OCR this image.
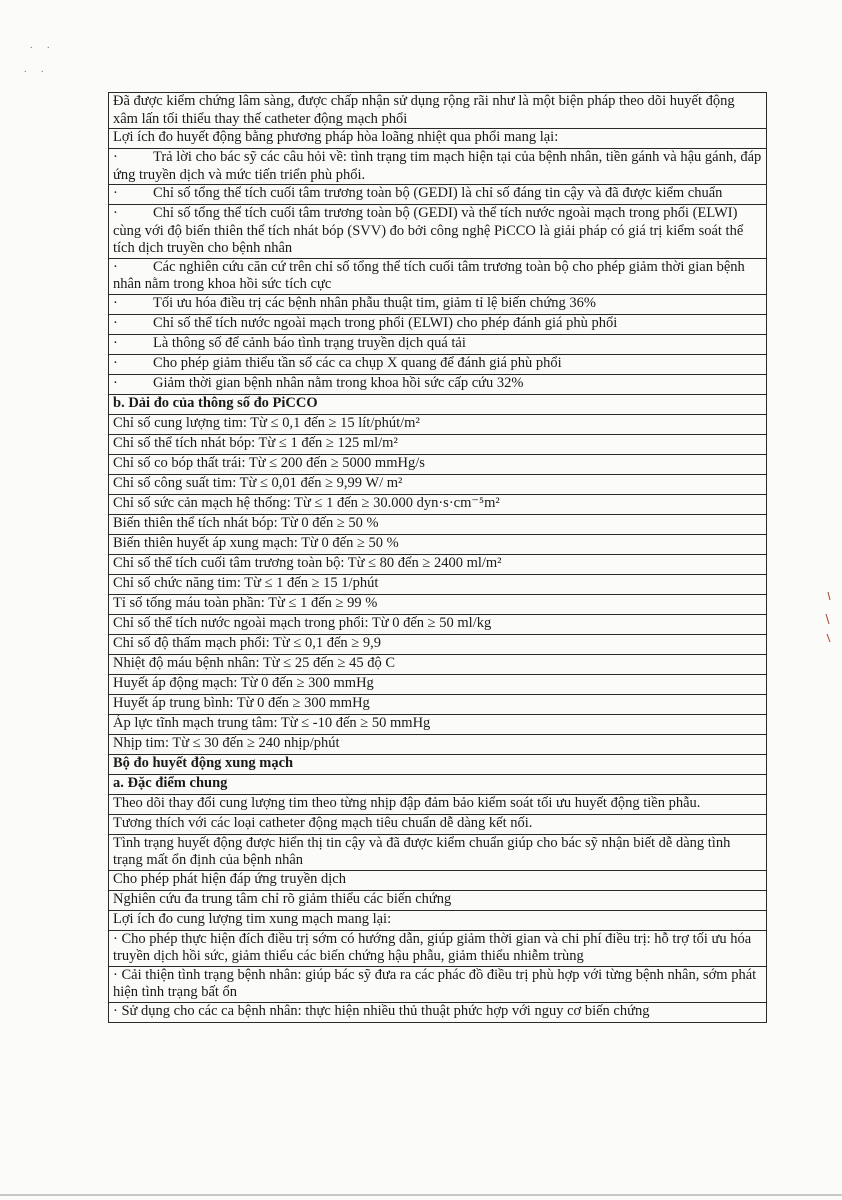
. .
. .
Đã được kiểm chứng lâm sàng, được chấp nhận sử dụng rộng rãi như là một biện pháp theo dõi huyết động xâm lấn tối thiểu thay thế catheter động mạch phổi
Lợi ích đo huyết động bằng phương pháp hòa loãng nhiệt qua phổi mang lại:
· Trả lời cho bác sỹ các câu hỏi về: tình trạng tim mạch hiện tại của bệnh nhân, tiền gánh và hậu gánh, đáp ứng truyền dịch và mức tiến triển phù phổi.
· Chỉ số tổng thể tích cuối tâm trương toàn bộ (GEDI) là chỉ số đáng tin cậy và đã được kiểm chuẩn
· Chỉ số tổng thể tích cuối tâm trương toàn bộ (GEDI) và thể tích nước ngoài mạch trong phổi (ELWI) cùng với độ biến thiên thể tích nhát bóp (SVV) đo bởi công nghệ PiCCO là giải pháp có giá trị kiểm soát thể tích dịch truyền cho bệnh nhân
· Các nghiên cứu căn cứ trên chỉ số tổng thể tích cuối tâm trương toàn bộ cho phép giảm thời gian bệnh nhân nằm trong khoa hồi sức tích cực
· Tối ưu hóa điều trị các bệnh nhân phẫu thuật tim, giảm tỉ lệ biến chứng 36%
· Chỉ số thể tích nước ngoài mạch trong phổi (ELWI) cho phép đánh giá phù phổi
· Là thông số để cảnh báo tình trạng truyền dịch quá tải
· Cho phép giảm thiểu tần số các ca chụp X quang để đánh giá phù phổi
· Giảm thời gian bệnh nhân nằm trong khoa hồi sức cấp cứu 32%
b. Dải đo của thông số đo PiCCO
Chỉ số cung lượng tim: Từ ≤ 0,1 đến ≥ 15 lít/phút/m²
Chỉ số thể tích nhát bóp: Từ ≤ 1 đến ≥ 125 ml/m²
Chỉ số co bóp thất trái: Từ ≤ 200 đến ≥ 5000 mmHg/s
Chỉ số công suất tim: Từ ≤ 0,01 đến ≥ 9,99 W/ m²
Chỉ số sức cản mạch hệ thống: Từ ≤ 1 đến ≥ 30.000 dyn·s·cm⁻⁵m²
Biến thiên thể tích nhát bóp: Từ 0 đến ≥ 50 %
Biến thiên huyết áp xung mạch: Từ 0 đến ≥ 50 %
Chỉ số thể tích cuối tâm trương toàn bộ: Từ ≤ 80 đến ≥ 2400 ml/m²
Chỉ số chức năng tim: Từ ≤ 1 đến ≥ 15 1/phút
Tỉ số tống máu toàn phần: Từ ≤ 1 đến ≥ 99 %
Chỉ số thể tích nước ngoài mạch trong phổi: Từ 0 đến ≥ 50 ml/kg
Chỉ số độ thấm mạch phổi: Từ ≤ 0,1 đến ≥ 9,9
Nhiệt độ máu bệnh nhân: Từ ≤ 25 đến ≥ 45 độ C
Huyết áp động mạch: Từ 0 đến ≥ 300 mmHg
Huyết áp trung bình: Từ 0 đến ≥ 300 mmHg
Áp lực tĩnh mạch trung tâm: Từ ≤ -10 đến ≥ 50 mmHg
Nhịp tim: Từ ≤ 30 đến ≥ 240 nhịp/phút
Bộ đo huyết động xung mạch
a. Đặc điểm chung
Theo dõi thay đổi cung lượng tim theo từng nhịp đập đảm bảo kiểm soát tối ưu huyết động tiền phẫu.
Tương thích với các loại catheter động mạch tiêu chuẩn dễ dàng kết nối.
Tình trạng huyết động được hiển thị tin cậy và đã được kiểm chuẩn giúp cho bác sỹ nhận biết dễ dàng tình trạng mất ổn định của bệnh nhân
Cho phép phát hiện đáp ứng truyền dịch
Nghiên cứu đa trung tâm chỉ rõ giảm thiểu các biến chứng
Lợi ích đo cung lượng tim xung mạch mang lại:
· Cho phép thực hiện đích điều trị sớm có hướng dẫn, giúp giảm thời gian và chi phí điều trị: hỗ trợ tối ưu hóa truyền dịch hồi sức, giảm thiểu các biến chứng hậu phẫu, giảm thiểu nhiễm trùng
· Cải thiện tình trạng bệnh nhân: giúp bác sỹ đưa ra các phác đồ điều trị phù hợp với từng bệnh nhân, sớm phát hiện tình trạng bất ổn
· Sử dụng cho các ca bệnh nhân: thực hiện nhiều thủ thuật phức hợp với nguy cơ biến chứng
